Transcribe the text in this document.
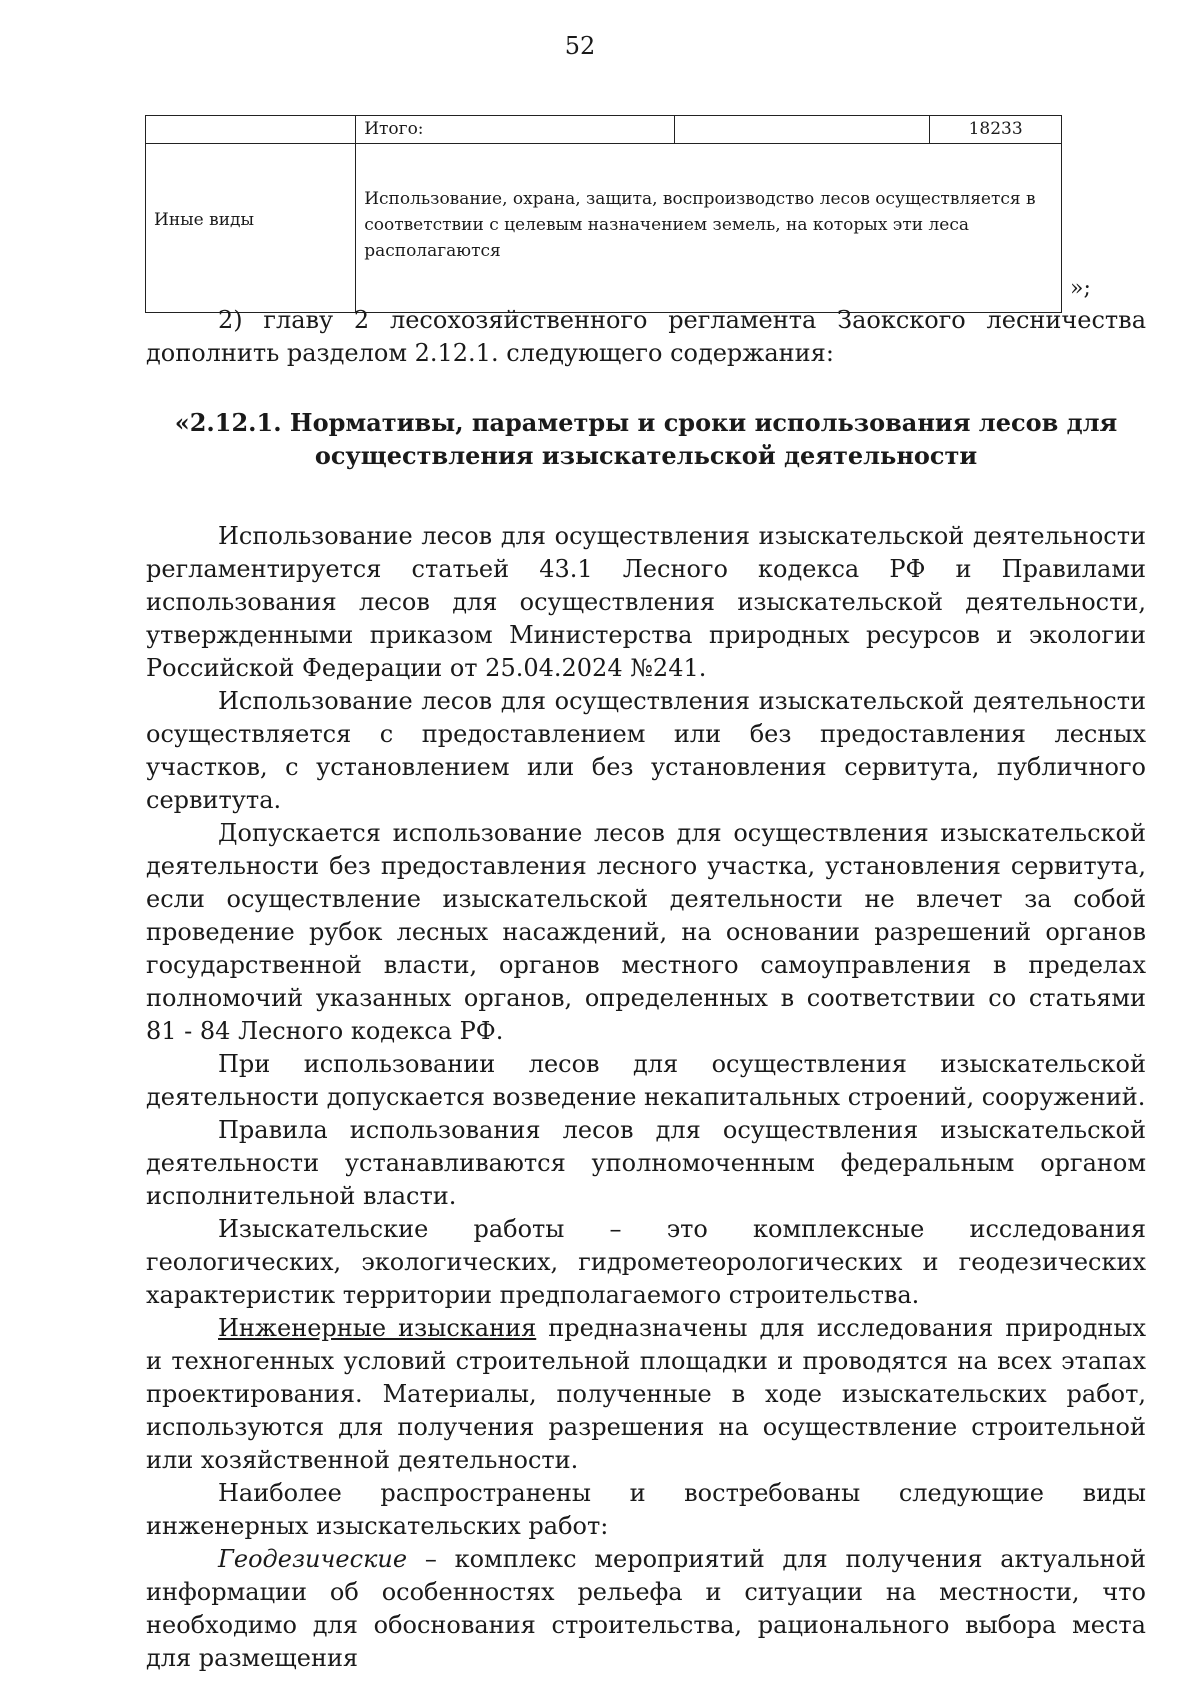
52
	Итого:		18233
Иные виды	Использование, охрана, защита, воспроизводство лесов осуществляется в соответствии с целевым назначением земель, на которых эти леса располагаются		
»;

2) главу 2 лесохозяйственного регламента Заокского лесничества дополнить разделом 2.12.1. следующего содержания:

«2.12.1. Нормативы, параметры и сроки использования лесов для
осуществления изыскательской деятельности

Использование лесов для осуществления изыскательской деятельности регламентируется статьей 43.1 Лесного кодекса РФ и Правилами использования лесов для осуществления изыскательской деятельности, утвержденными приказом Министерства природных ресурсов и экологии Российской Федерации от 25.04.2024 №241.

Использование лесов для осуществления изыскательской деятельности осуществляется с предоставлением или без предоставления лесных участков, с установлением или без установления сервитута, публичного сервитута.

Допускается использование лесов для осуществления изыскательской деятельности без предоставления лесного участка, установления сервитута, если осуществление изыскательской деятельности не влечет за собой проведение рубок лесных насаждений, на основании разрешений органов государственной власти, органов местного самоуправления в пределах полномочий указанных органов, определенных в соответствии со статьями 81 - 84 Лесного кодекса РФ.

При использовании лесов для осуществления изыскательской деятельности допускается возведение некапитальных строений, сооружений.

Правила использования лесов для осуществления изыскательской деятельности устанавливаются уполномоченным федеральным органом исполнительной власти.

Изыскательские работы – это комплексные исследования геологических, экологических, гидрометеорологических и геодезических характеристик территории предполагаемого строительства.

Инженерные изыскания предназначены для исследования природных и техногенных условий строительной площадки и проводятся на всех этапах проектирования. Материалы, полученные в ходе изыскательских работ, используются для получения разрешения на осуществление строительной или хозяйственной деятельности.

Наиболее распространены и востребованы следующие виды инженерных изыскательских работ:

Геодезические – комплекс мероприятий для получения актуальной информации об особенностях рельефа и ситуации на местности, что необходимо для обоснования строительства, рационального выбора места для размещения
